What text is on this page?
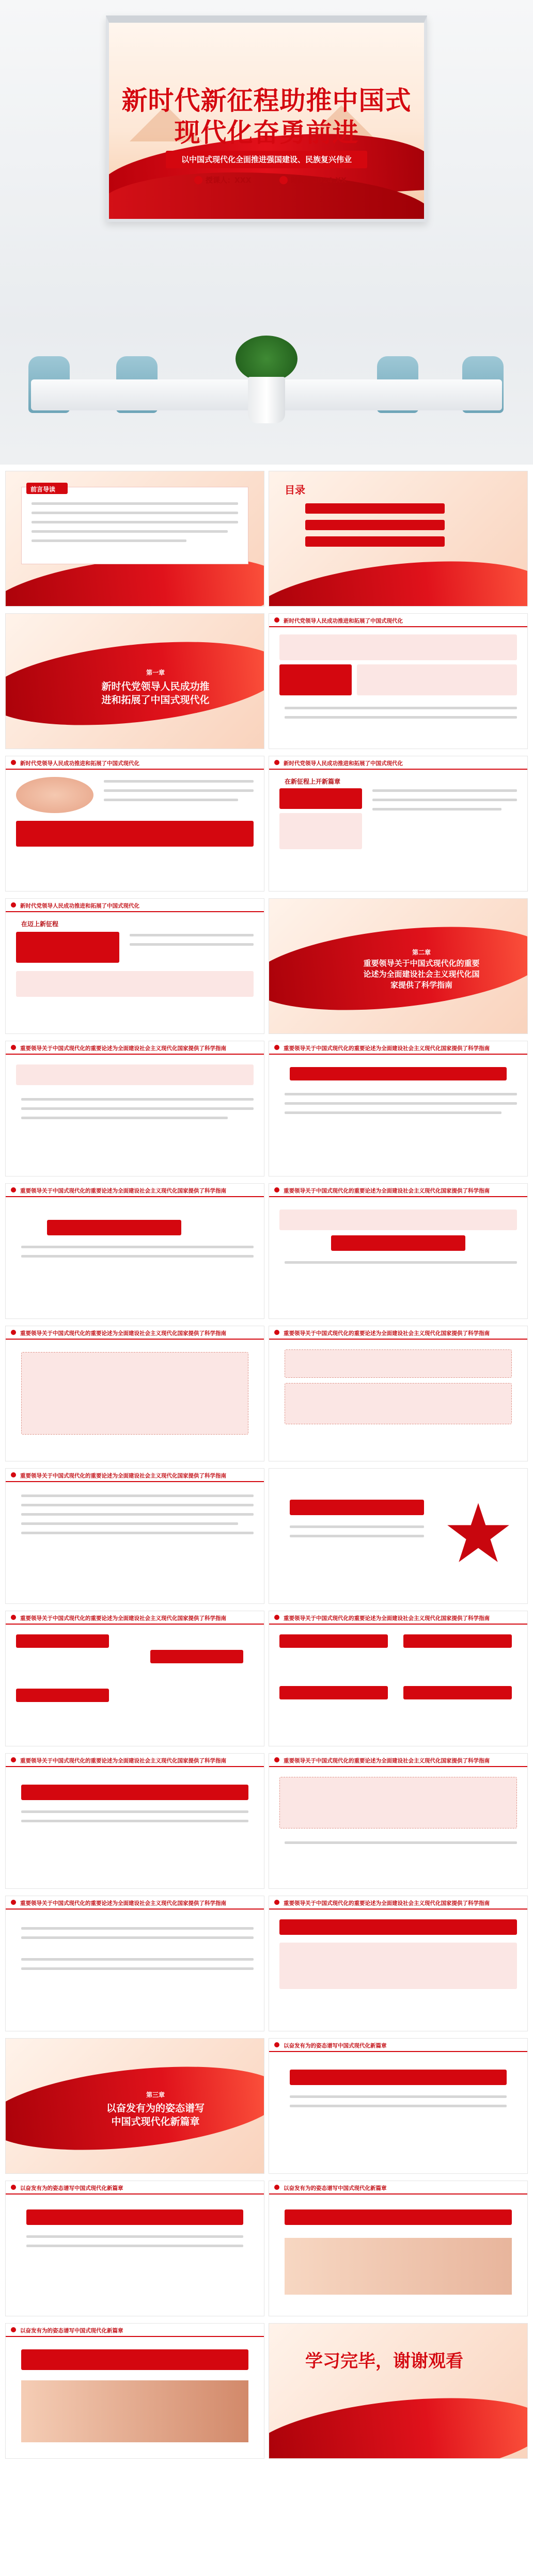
新时代新征程助推中国式
现代化奋勇前进
以中国式现代化全面推进强国建设、民族复兴伟业
授课人：XXX	时间：2024.XX
前言导读	目录
第一章
新时代党领导人民成功推
进和拓展了中国式现代化
新时代党领导人民成功推进和拓展了中国式现代化
新时代党领导人民成功推进和拓展了中国式现代化	新时代党领导人民成功推进和拓展了中国式现代化
在新征程上开新篇章
新时代党领导人民成功推进和拓展了中国式现代化
在迈上新征程
第二章
重要领导关于中国式现代化的重要
论述为全面建设社会主义现代化国
家提供了科学指南
重要领导关于中国式现代化的重要论述为全面建设社会主义现代化国家提供了科学指南	重要领导关于中国式现代化的重要论述为全面建设社会主义现代化国家提供了科学指南
重要领导关于中国式现代化的重要论述为全面建设社会主义现代化国家提供了科学指南	重要领导关于中国式现代化的重要论述为全面建设社会主义现代化国家提供了科学指南
重要领导关于中国式现代化的重要论述为全面建设社会主义现代化国家提供了科学指南	重要领导关于中国式现代化的重要论述为全面建设社会主义现代化国家提供了科学指南
重要领导关于中国式现代化的重要论述为全面建设社会主义现代化国家提供了科学指南
重要领导关于中国式现代化的重要论述为全面建设社会主义现代化国家提供了科学指南	重要领导关于中国式现代化的重要论述为全面建设社会主义现代化国家提供了科学指南
重要领导关于中国式现代化的重要论述为全面建设社会主义现代化国家提供了科学指南	重要领导关于中国式现代化的重要论述为全面建设社会主义现代化国家提供了科学指南
重要领导关于中国式现代化的重要论述为全面建设社会主义现代化国家提供了科学指南	重要领导关于中国式现代化的重要论述为全面建设社会主义现代化国家提供了科学指南
第三章
以奋发有为的姿态谱写
中国式现代化新篇章
以奋发有为的姿态谱写中国式现代化新篇章
以奋发有为的姿态谱写中国式现代化新篇章	以奋发有为的姿态谱写中国式现代化新篇章
以奋发有为的姿态谱写中国式现代化新篇章
学习完毕，谢谢观看
